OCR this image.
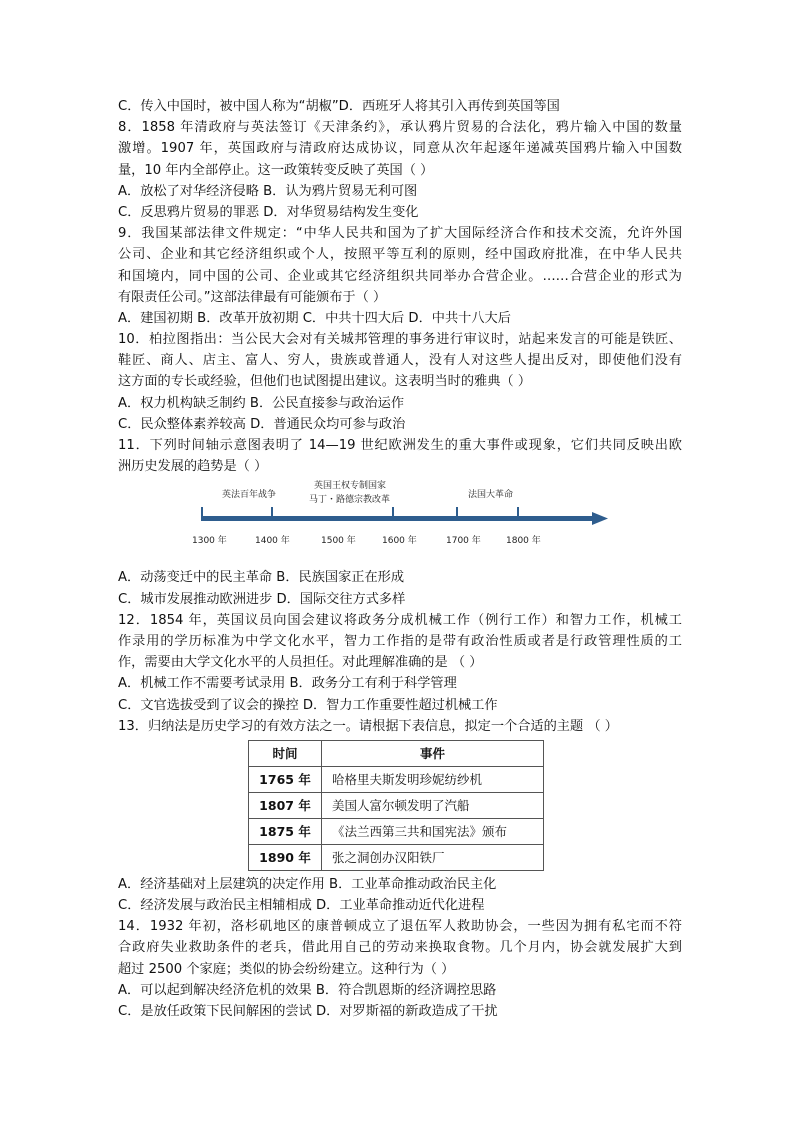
C．传入中国时，被中国人称为“胡椒”D．西班牙人将其引入再传到英国等国
8．1858 年清政府与英法签订《天津条约》，承认鸦片贸易的合法化，鸦片输入中国的数量
激增。1907 年，英国政府与清政府达成协议，同意从次年起逐年递减英国鸦片输入中国数
量，10 年内全部停止。这一政策转变反映了英国（ ）
A．放松了对华经济侵略 B．认为鸦片贸易无利可图
C．反思鸦片贸易的罪恶 D．对华贸易结构发生变化
9．我国某部法律文件规定：“中华人民共和国为了扩大国际经济合作和技术交流，允许外国
公司、企业和其它经济组织或个人，按照平等互利的原则，经中国政府批准，在中华人民共
和国境内，同中国的公司、企业或其它经济组织共同举办合营企业。……合营企业的形式为
有限责任公司。”这部法律最有可能颁布于（ ）
A．建国初期 B．改革开放初期 C．中共十四大后 D．中共十八大后
10．柏拉图指出：当公民大会对有关城邦管理的事务进行审议时，站起来发言的可能是铁匠、
鞋匠、商人、店主、富人、穷人，贵族或普通人，没有人对这些人提出反对，即使他们没有
这方面的专长或经验，但他们也试图提出建议。这表明当时的雅典（ ）
A．权力机构缺乏制约 B．公民直接参与政治运作
C．民众整体素养较高 D．普通民众均可参与政治
11．下列时间轴示意图表明了 14—19 世纪欧洲发生的重大事件或现象，它们共同反映出欧
洲历史发展的趋势是（ ）
英法百年战争
英国王权专制国家
马丁・路德宗教改革	法国大革命
1300 年	1400 年	1500 年	1600 年	1700 年	1800 年
A．动荡变迁中的民主革命 B．民族国家正在形成
C．城市发展推动欧洲进步 D．国际交往方式多样
12．1854 年，英国议员向国会建议将政务分成机械工作（例行工作）和智力工作，机械工
作录用的学历标准为中学文化水平，智力工作指的是带有政治性质或者是行政管理性质的工
作，需要由大学文化水平的人员担任。对此理解准确的是 （ ）
A．机械工作不需要考试录用 B．政务分工有利于科学管理
C．文官选拔受到了议会的操控 D．智力工作重要性超过机械工作
13．归纳法是历史学习的有效方法之一。请根据下表信息，拟定一个合适的主题 （ ）
时间	事件
1765 年	哈格里夫斯发明珍妮纺纱机
1807 年	美国人富尔顿发明了汽船
1875 年	《法兰西第三共和国宪法》颁布
1890 年	张之洞创办汉阳铁厂
A．经济基础对上层建筑的决定作用 B．工业革命推动政治民主化
C．经济发展与政治民主相辅相成 D．工业革命推动近代化进程
14．1932 年初，洛杉矶地区的康普顿成立了退伍军人救助协会，一些因为拥有私宅而不符
合政府失业救助条件的老兵，借此用自己的劳动来换取食物。几个月内，协会就发展扩大到
超过 2500 个家庭；类似的协会纷纷建立。这种行为（ ）
A．可以起到解决经济危机的效果 B．符合凯恩斯的经济调控思路
C．是放任政策下民间解困的尝试 D．对罗斯福的新政造成了干扰
